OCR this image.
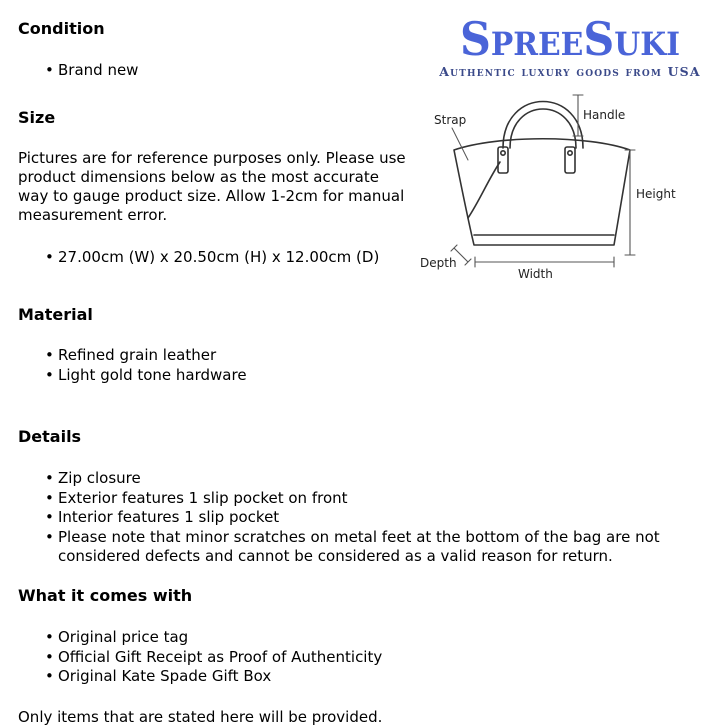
SpreeSuki
Authentic luxury goods from USA
Condition
• Brand new
Size
Pictures are for reference purposes only. Please use product dimensions below as the most accurate way to gauge product size. Allow 1-2cm for manual measurement error.
• 27.00cm (W) x 20.50cm (H) x 12.00cm (D)
Strap	Handle
Height
Depth
Width
Material
• Refined grain leather
• Light gold tone hardware
Details
• Zip closure
• Exterior features 1 slip pocket on front
• Interior features 1 slip pocket
• Please note that minor scratches on metal feet at the bottom of the bag are not considered defects and cannot be considered as a valid reason for return.
What it comes with
• Original price tag
• Official Gift Receipt as Proof of Authenticity
• Original Kate Spade Gift Box
Only items that are stated here will be provided.
